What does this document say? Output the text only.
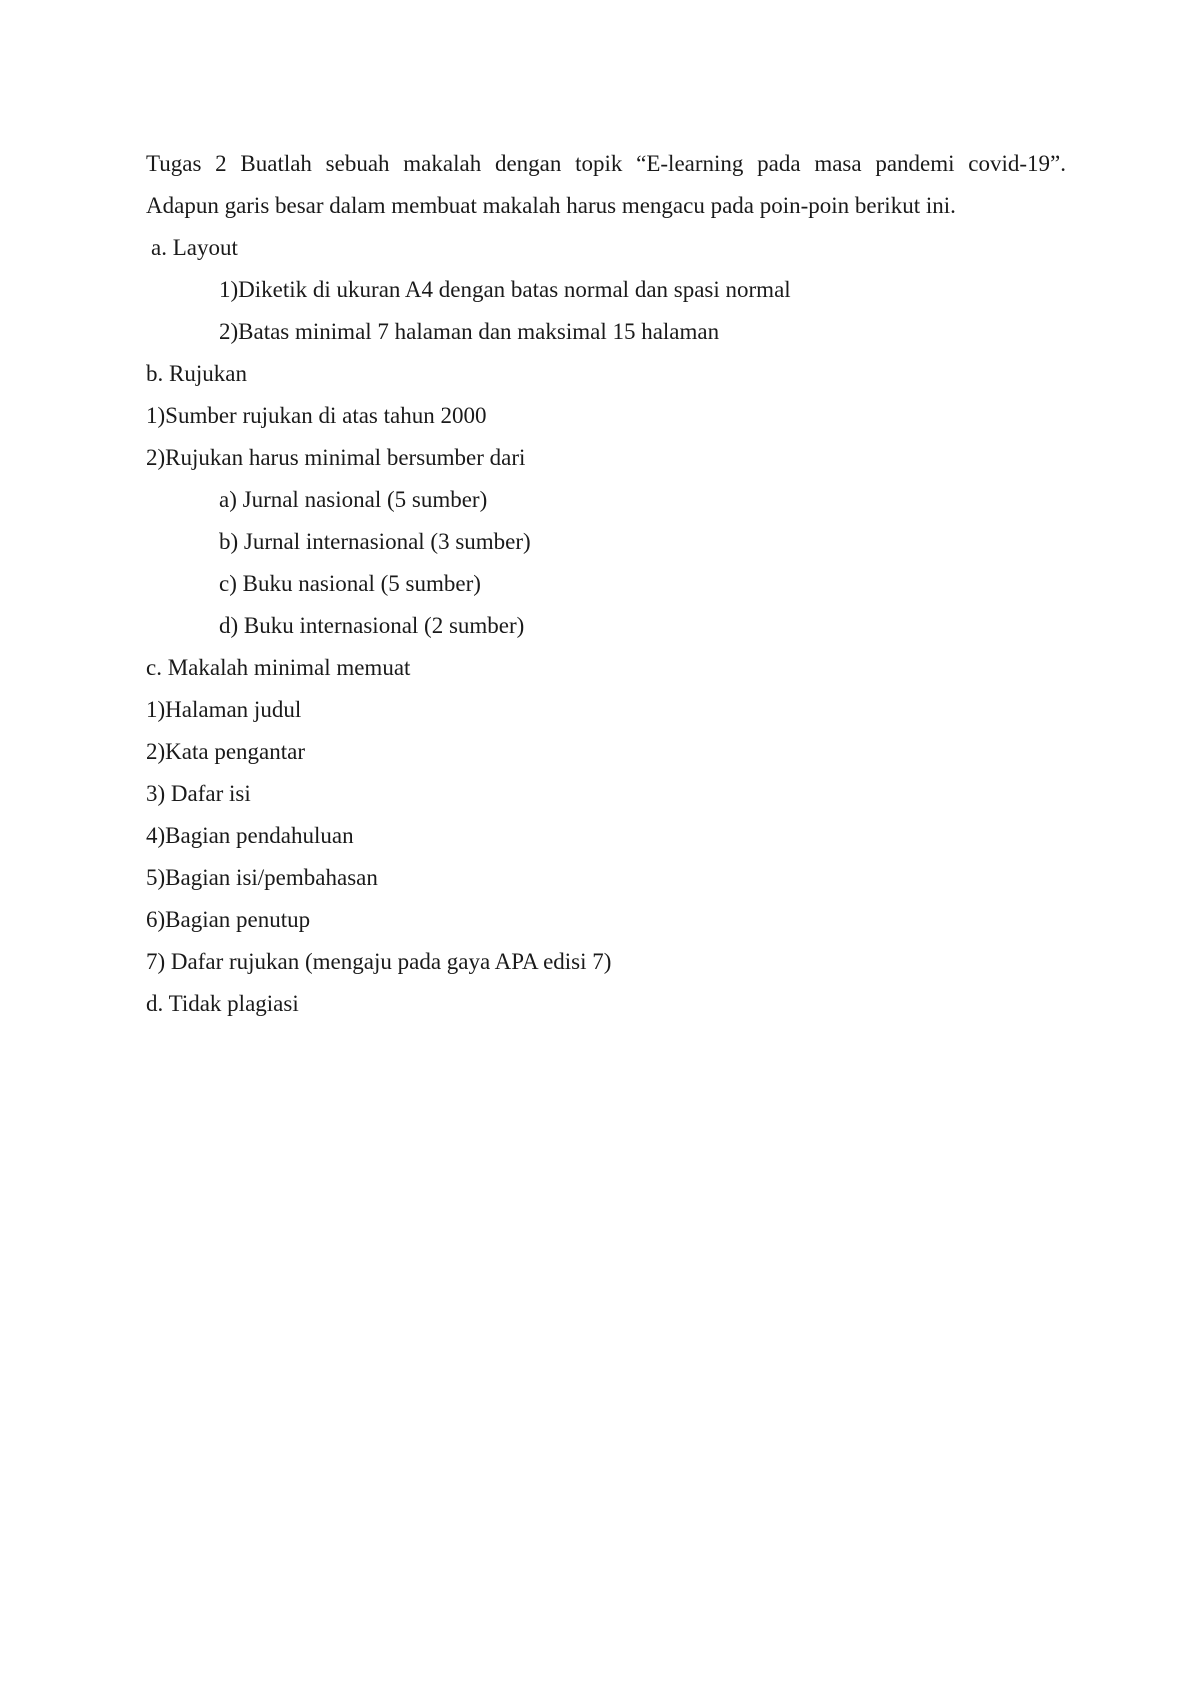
Tugas 2 Buatlah sebuah makalah dengan topik “E-learning pada masa pandemi covid-19”.
Adapun garis besar dalam membuat makalah harus mengacu pada poin-poin berikut ini.
a. Layout
1)Diketik di ukuran A4 dengan batas normal dan spasi normal
2)Batas minimal 7 halaman dan maksimal 15 halaman
b. Rujukan
1)Sumber rujukan di atas tahun 2000
2)Rujukan harus minimal bersumber dari
a) Jurnal nasional (5 sumber)
b) Jurnal internasional (3 sumber)
c) Buku nasional (5 sumber)
d) Buku internasional (2 sumber)
c. Makalah minimal memuat
1)Halaman judul
2)Kata pengantar
3) Dafar isi
4)Bagian pendahuluan
5)Bagian isi/pembahasan
6)Bagian penutup
7) Dafar rujukan (mengaju pada gaya APA edisi 7)
d. Tidak plagiasi
